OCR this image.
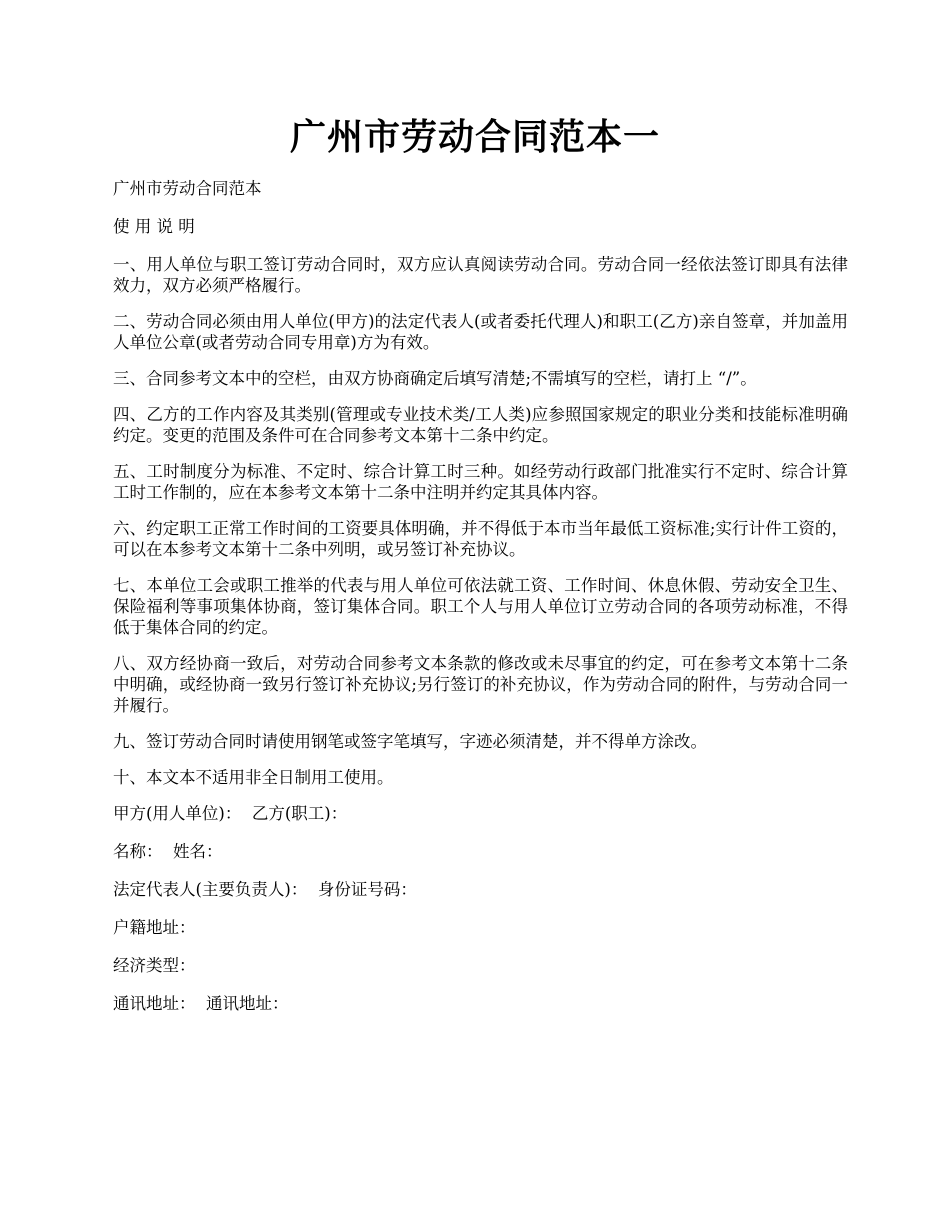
广州市劳动合同范本一

广州市劳动合同范本

使 用 说 明

一、用人单位与职工签订劳动合同时，双方应认真阅读劳动合同。劳动合同一经依法签订即具有法律效力，双方必须严格履行。

二、劳动合同必须由用人单位(甲方)的法定代表人(或者委托代理人)和职工(乙方)亲自签章，并加盖用人单位公章(或者劳动合同专用章)方为有效。

三、合同参考文本中的空栏，由双方协商确定后填写清楚;不需填写的空栏，请打上 “/”。

四、乙方的工作内容及其类别(管理或专业技术类/工人类)应参照国家规定的职业分类和技能标准明确约定。变更的范围及条件可在合同参考文本第十二条中约定。

五、工时制度分为标准、不定时、综合计算工时三种。如经劳动行政部门批准实行不定时、综合计算工时工作制的，应在本参考文本第十二条中注明并约定其具体内容。

六、约定职工正常工作时间的工资要具体明确，并不得低于本市当年最低工资标准;实行计件工资的，可以在本参考文本第十二条中列明，或另签订补充协议。

七、本单位工会或职工推举的代表与用人单位可依法就工资、工作时间、休息休假、劳动安全卫生、保险福利等事项集体协商，签订集体合同。职工个人与用人单位订立劳动合同的各项劳动标准，不得低于集体合同的约定。

八、双方经协商一致后，对劳动合同参考文本条款的修改或未尽事宜的约定，可在参考文本第十二条中明确，或经协商一致另行签订补充协议;另行签订的补充协议，作为劳动合同的附件，与劳动合同一并履行。

九、签订劳动合同时请使用钢笔或签字笔填写，字迹必须清楚，并不得单方涂改。

十、本文本不适用非全日制用工使用。

甲方(用人单位)：  乙方(职工)：

名称：  姓名：

法定代表人(主要负责人)：  身份证号码：

户籍地址：

经济类型：

通讯地址：  通讯地址：
